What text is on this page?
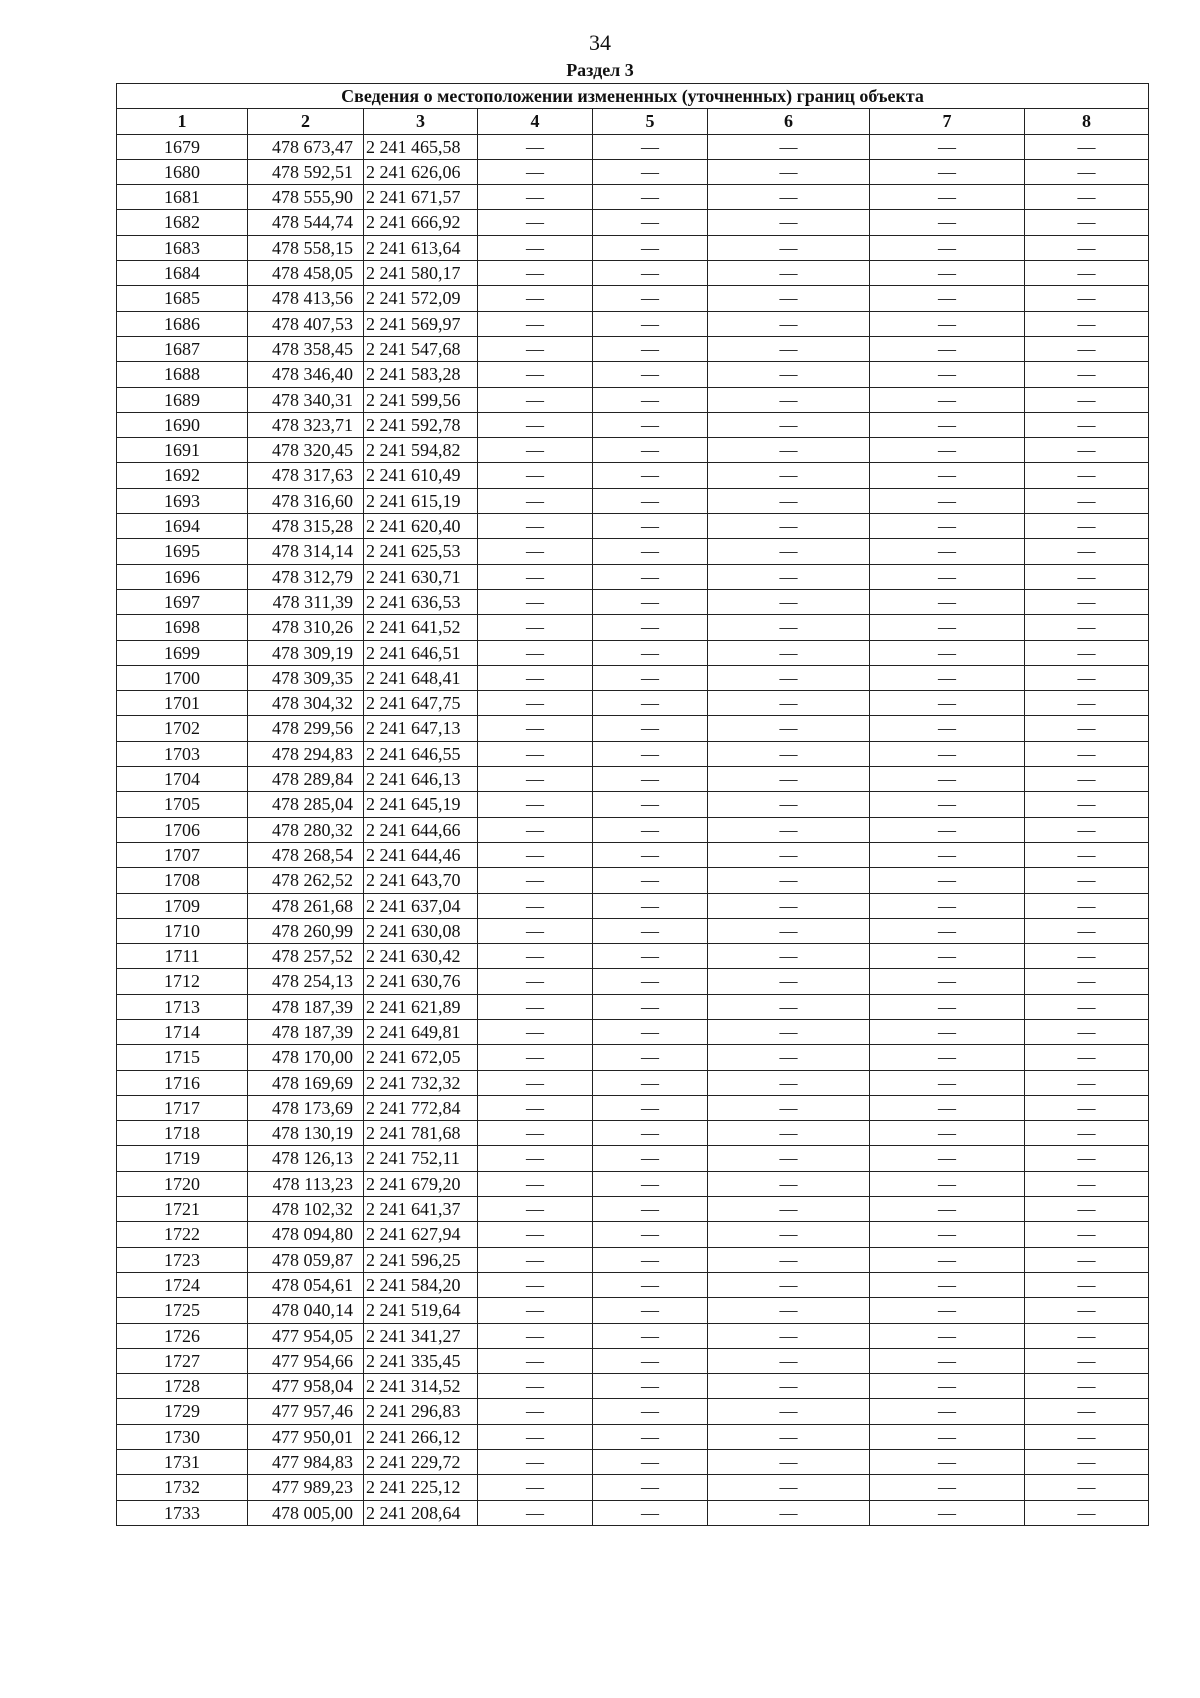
34
Раздел 3
Сведения о местоположении измененных (уточненных) границ объекта							
1	2	3	4	5	6	7	8
1679	478 673,47	2 241 465,58	—	—	—	—	—
1680	478 592,51	2 241 626,06	—	—	—	—	—
1681	478 555,90	2 241 671,57	—	—	—	—	—
1682	478 544,74	2 241 666,92	—	—	—	—	—
1683	478 558,15	2 241 613,64	—	—	—	—	—
1684	478 458,05	2 241 580,17	—	—	—	—	—
1685	478 413,56	2 241 572,09	—	—	—	—	—
1686	478 407,53	2 241 569,97	—	—	—	—	—
1687	478 358,45	2 241 547,68	—	—	—	—	—
1688	478 346,40	2 241 583,28	—	—	—	—	—
1689	478 340,31	2 241 599,56	—	—	—	—	—
1690	478 323,71	2 241 592,78	—	—	—	—	—
1691	478 320,45	2 241 594,82	—	—	—	—	—
1692	478 317,63	2 241 610,49	—	—	—	—	—
1693	478 316,60	2 241 615,19	—	—	—	—	—
1694	478 315,28	2 241 620,40	—	—	—	—	—
1695	478 314,14	2 241 625,53	—	—	—	—	—
1696	478 312,79	2 241 630,71	—	—	—	—	—
1697	478 311,39	2 241 636,53	—	—	—	—	—
1698	478 310,26	2 241 641,52	—	—	—	—	—
1699	478 309,19	2 241 646,51	—	—	—	—	—
1700	478 309,35	2 241 648,41	—	—	—	—	—
1701	478 304,32	2 241 647,75	—	—	—	—	—
1702	478 299,56	2 241 647,13	—	—	—	—	—
1703	478 294,83	2 241 646,55	—	—	—	—	—
1704	478 289,84	2 241 646,13	—	—	—	—	—
1705	478 285,04	2 241 645,19	—	—	—	—	—
1706	478 280,32	2 241 644,66	—	—	—	—	—
1707	478 268,54	2 241 644,46	—	—	—	—	—
1708	478 262,52	2 241 643,70	—	—	—	—	—
1709	478 261,68	2 241 637,04	—	—	—	—	—
1710	478 260,99	2 241 630,08	—	—	—	—	—
1711	478 257,52	2 241 630,42	—	—	—	—	—
1712	478 254,13	2 241 630,76	—	—	—	—	—
1713	478 187,39	2 241 621,89	—	—	—	—	—
1714	478 187,39	2 241 649,81	—	—	—	—	—
1715	478 170,00	2 241 672,05	—	—	—	—	—
1716	478 169,69	2 241 732,32	—	—	—	—	—
1717	478 173,69	2 241 772,84	—	—	—	—	—
1718	478 130,19	2 241 781,68	—	—	—	—	—
1719	478 126,13	2 241 752,11	—	—	—	—	—
1720	478 113,23	2 241 679,20	—	—	—	—	—
1721	478 102,32	2 241 641,37	—	—	—	—	—
1722	478 094,80	2 241 627,94	—	—	—	—	—
1723	478 059,87	2 241 596,25	—	—	—	—	—
1724	478 054,61	2 241 584,20	—	—	—	—	—
1725	478 040,14	2 241 519,64	—	—	—	—	—
1726	477 954,05	2 241 341,27	—	—	—	—	—
1727	477 954,66	2 241 335,45	—	—	—	—	—
1728	477 958,04	2 241 314,52	—	—	—	—	—
1729	477 957,46	2 241 296,83	—	—	—	—	—
1730	477 950,01	2 241 266,12	—	—	—	—	—
1731	477 984,83	2 241 229,72	—	—	—	—	—
1732	477 989,23	2 241 225,12	—	—	—	—	—
1733	478 005,00	2 241 208,64	—	—	—	—	—
